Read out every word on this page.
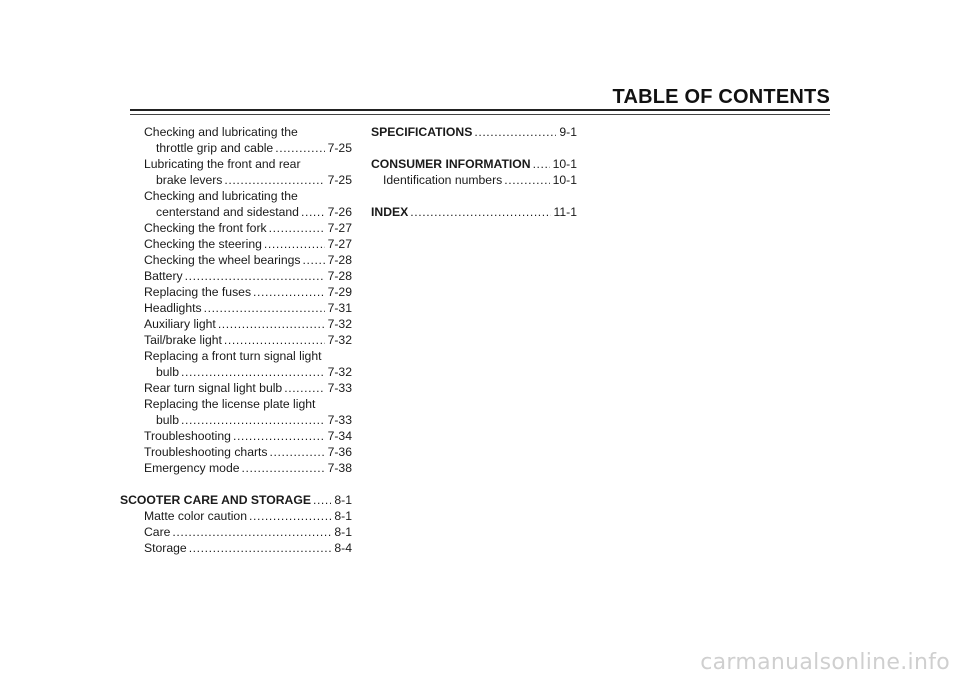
TABLE OF CONTENTS
Checking and lubricating the
throttle grip and cable .....	7-25
Lubricating the front and rear
brake levers .....	7-25
Checking and lubricating the
centerstand and sidestand ..... 7-26
Checking the front fork .....	7-27
Checking the steering .....	7-27
Checking the wheel bearings ..... 7-28
Battery .....	7-28
Replacing the fuses .....	7-29
Headlights .....	7-31
Auxiliary light .....	7-32
Tail/brake light .....	7-32
Replacing a front turn signal light
bulb .....	7-32
Rear turn signal light bulb .....	7-33
Replacing the license plate light
bulb .....	7-33
Troubleshooting .....	7-34
Troubleshooting charts .....	7-36
Emergency mode .....	7-38
SCOOTER CARE AND STORAGE ..... 8-1
Matte color caution .....	8-1
Care .....	8-1
Storage .....	8-4
SPECIFICATIONS .....	9-1
CONSUMER INFORMATION ..... 10-1
Identification numbers .....	10-1
INDEX .....	11-1
carmanualsonline.info
